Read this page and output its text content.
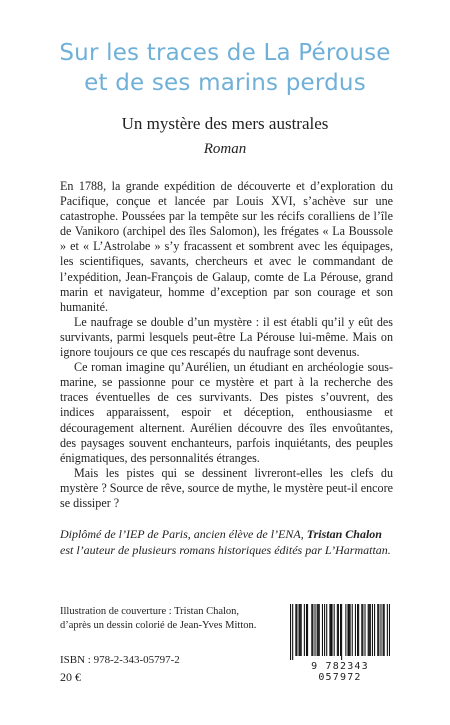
Sur les traces de La Pérouse
et de ses marins perdus
Un mystère des mers australes
Roman

En 1788, la grande expédition de découverte et d’exploration du Pacifique, conçue et lancée par Louis XVI, s’achève sur une catastrophe. Poussées par la tempête sur les récifs coralliens de l’île de Vanikoro (archipel des îles Salomon), les frégates « La Boussole » et « L’Astrolabe » s’y fracassent et sombrent avec les équipages, les scientifiques, savants, chercheurs et avec le commandant de l’expédition, Jean-François de Galaup, comte de La Pérouse, grand marin et navigateur, homme d’exception par son courage et son humanité.

Le naufrage se double d’un mystère : il est établi qu’il y eût des survivants, parmi lesquels peut-être La Pérouse lui-même. Mais on ignore toujours ce que ces rescapés du naufrage sont devenus.

Ce roman imagine qu’Aurélien, un étudiant en archéologie sous-marine, se passionne pour ce mystère et part à la recherche des traces éventuelles de ces survivants. Des pistes s’ouvrent, des indices apparaissent, espoir et déception, enthousiasme et découragement alternent. Aurélien découvre des îles envoûtantes, des paysages souvent enchanteurs, parfois inquiétants, des peuples énigmatiques, des personnalités étranges.

Mais les pistes qui se dessinent livreront-elles les clefs du mystère ? Source de rêve, source de mythe, le mystère peut-il encore se dissiper ?

Diplômé de l’IEP de Paris, ancien élève de l’ENA, Tristan Chalon est l’auteur de plusieurs romans historiques édités par L’Harmattan.
Illustration de couverture : Tristan Chalon,
d’après un dessin colorié de Jean-Yves Mitton.
ISBN : 978-2-343-05797-2
20 €
9 782343 057972
